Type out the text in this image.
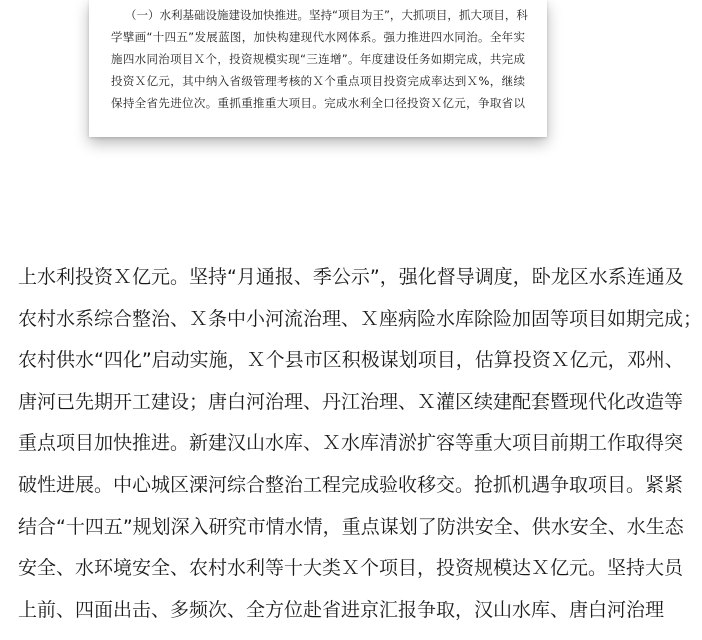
（一）水利基础设施建设加快推进。坚持“项目为王”，大抓项目，抓大项目，科
学擘画“十四五”发展蓝图，加快构建现代水网体系。强力推进四水同治。全年实
施四水同治项目Ｘ个，投资规模实现“三连增”。年度建设任务如期完成，共完成
投资Ｘ亿元，其中纳入省级管理考核的Ｘ个重点项目投资完成率达到Ｘ%，继续
保持全省先进位次。重抓重推重大项目。完成水利全口径投资Ｘ亿元，争取省以
上水利投资Ｘ亿元。坚持“月通报、季公示”，强化督导调度，卧龙区水系连通及
农村水系综合整治、Ｘ条中小河流治理、Ｘ座病险水库除险加固等项目如期完成；
农村供水“四化”启动实施，Ｘ个县市区积极谋划项目，估算投资Ｘ亿元，邓州、
唐河已先期开工建设；唐白河治理、丹江治理、Ｘ灌区续建配套暨现代化改造等
重点项目加快推进。新建汉山水库、Ｘ水库清淤扩容等重大项目前期工作取得突
破性进展。中心城区溧河综合整治工程完成验收移交。抢抓机遇争取项目。紧紧
结合“十四五”规划深入研究市情水情，重点谋划了防洪安全、供水安全、水生态
安全、水环境安全、农村水利等十大类Ｘ个项目，投资规模达Ｘ亿元。坚持大员
上前、四面出击、多频次、全方位赴省进京汇报争取，汉山水库、唐白河治理
